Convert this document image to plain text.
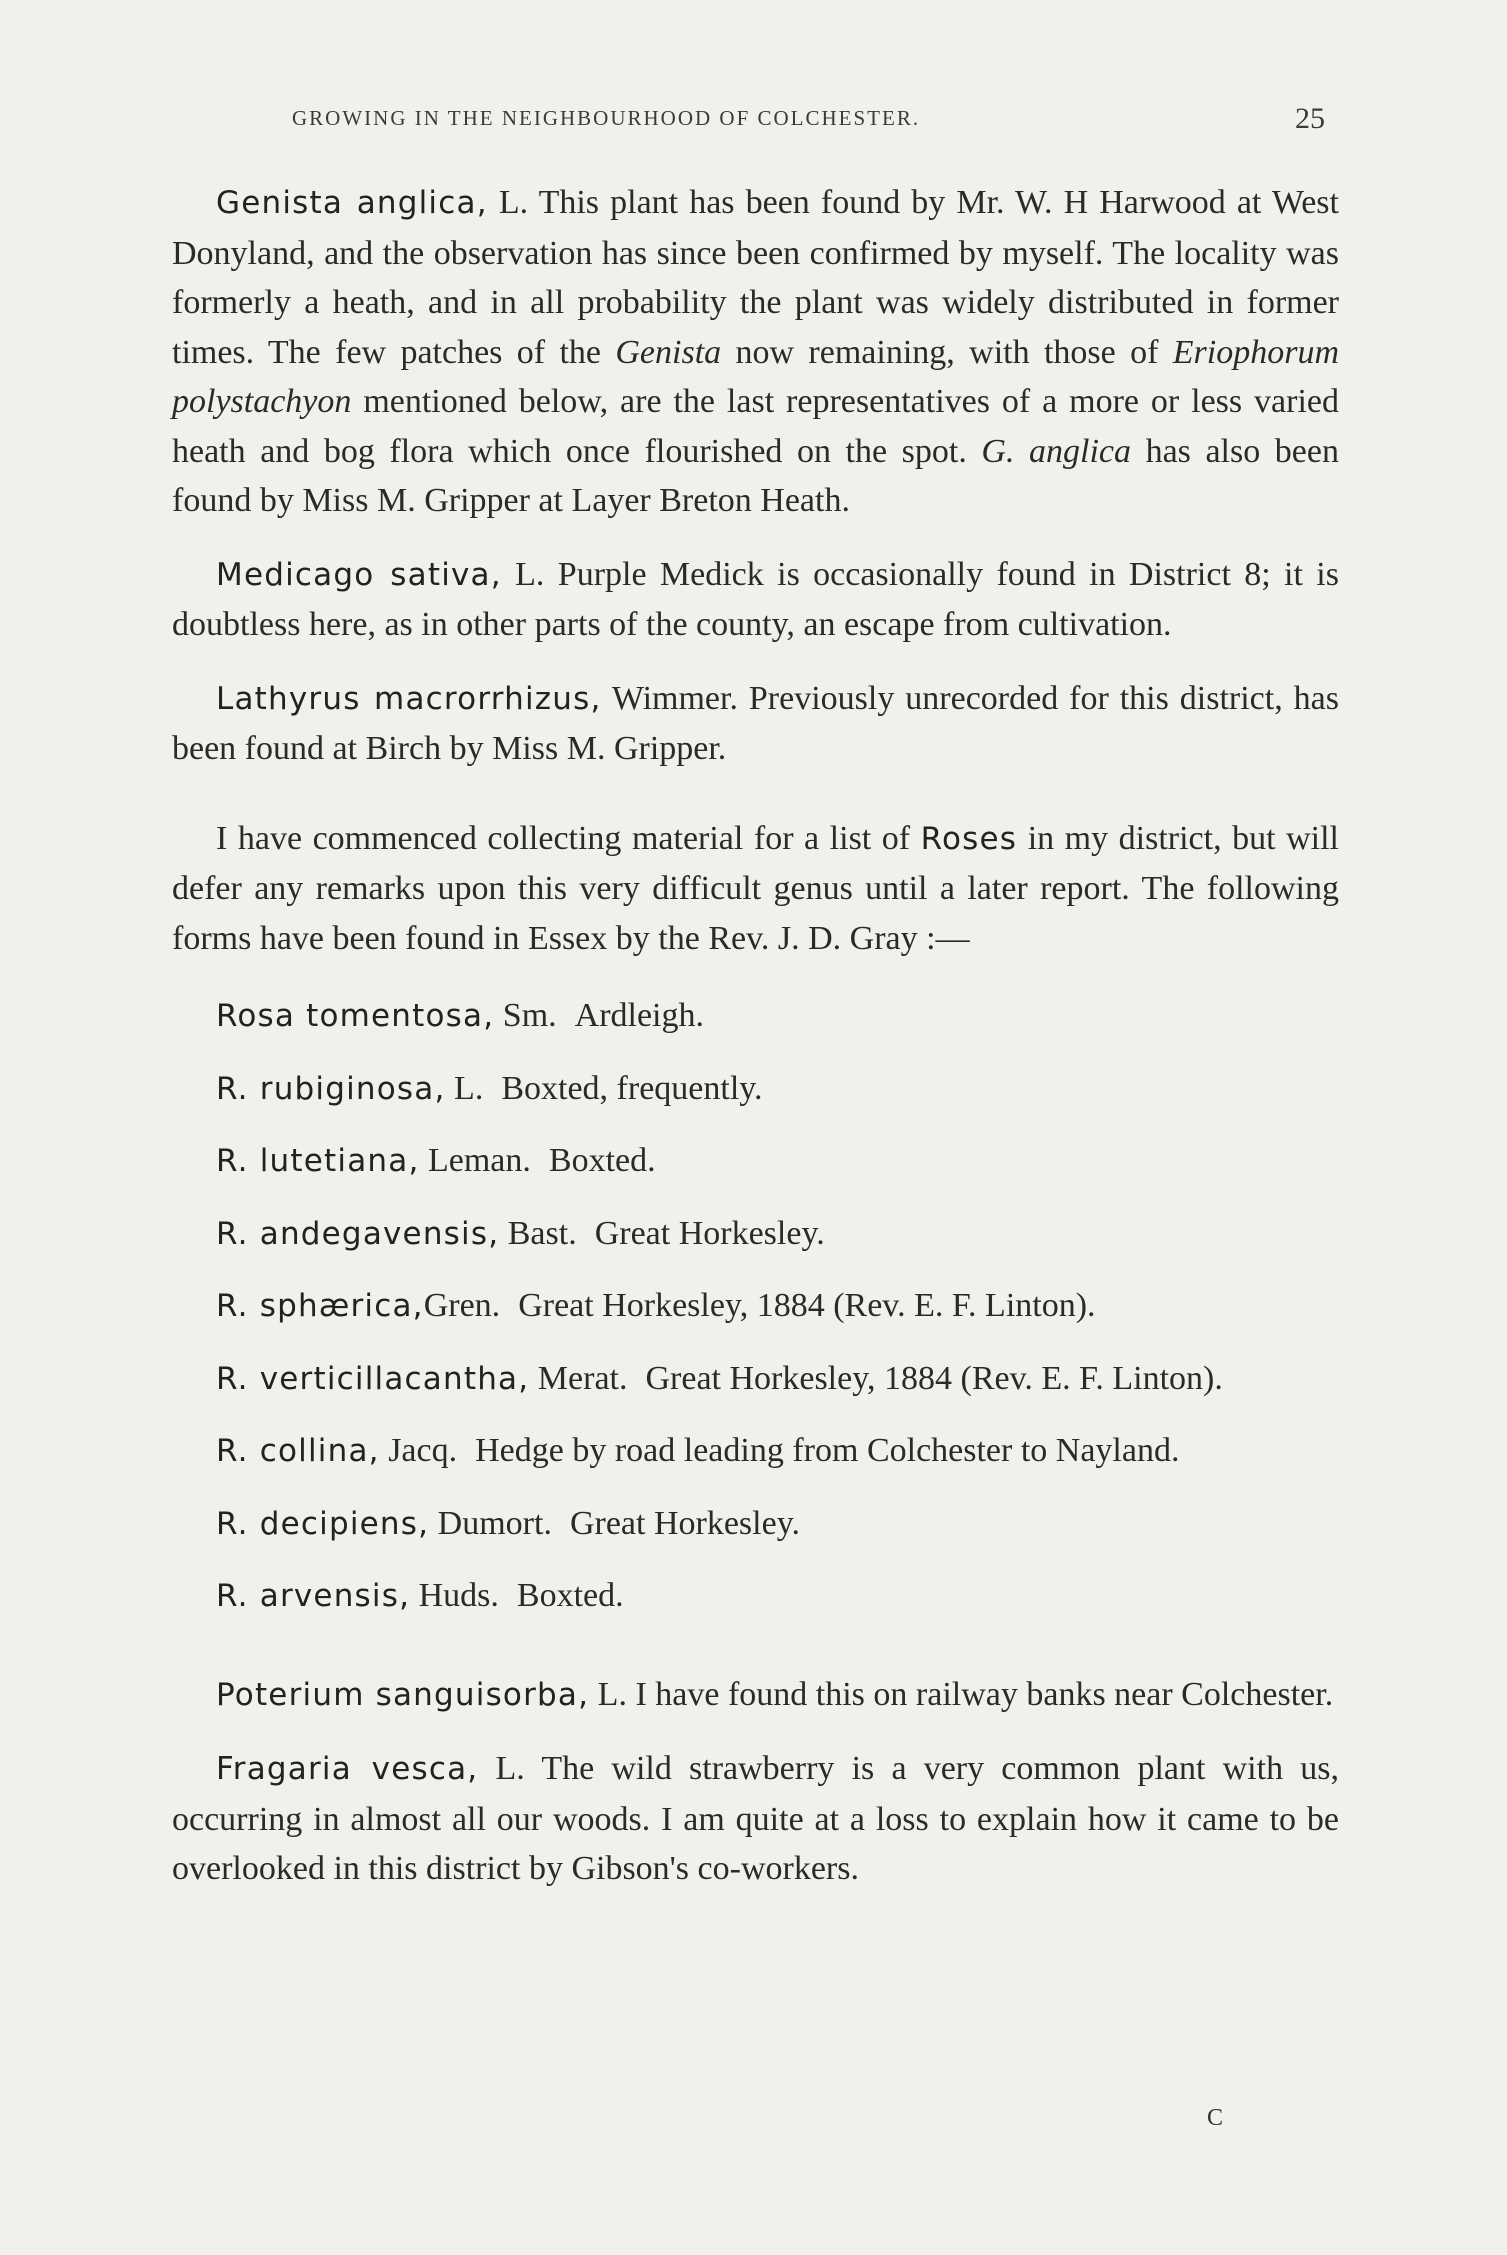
GROWING IN THE NEIGHBOURHOOD OF COLCHESTER.	25

Genista anglica, L. This plant has been found by Mr. W. H Harwood at West Donyland, and the observation has since been confirmed by myself. The locality was formerly a heath, and in all probability the plant was widely distributed in former times. The few patches of the Genista now remaining, with those of Eriophorum polystachyon mentioned below, are the last representatives of a more or less varied heath and bog flora which once flourished on the spot. G. anglica has also been found by Miss M. Gripper at Layer Breton Heath.

Medicago sativa, L. Purple Medick is occasionally found in District 8; it is doubtless here, as in other parts of the county, an escape from cultivation.

Lathyrus macrorrhizus, Wimmer. Previously unrecorded for this district, has been found at Birch by Miss M. Gripper.

I have commenced collecting material for a list of Roses in my district, but will defer any remarks upon this very difficult genus until a later report. The following forms have been found in Essex by the Rev. J. D. Gray :—

Rosa tomentosa, Sm. Ardleigh.

R. rubiginosa, L. Boxted, frequently.

R. lutetiana, Leman. Boxted.

R. andegavensis, Bast. Great Horkesley.

R. sphærica,Gren. Great Horkesley, 1884 (Rev. E. F. Linton).

R. verticillacantha, Merat. Great Horkesley, 1884 (Rev. E. F. Linton).

R. collina, Jacq. Hedge by road leading from Colchester to Nayland.

R. decipiens, Dumort. Great Horkesley.

R. arvensis, Huds. Boxted.

Poterium sanguisorba, L. I have found this on railway banks near Colchester.

Fragaria vesca, L. The wild strawberry is a very common plant with us, occurring in almost all our woods. I am quite at a loss to explain how it came to be overlooked in this district by Gibson's co-workers.

C
